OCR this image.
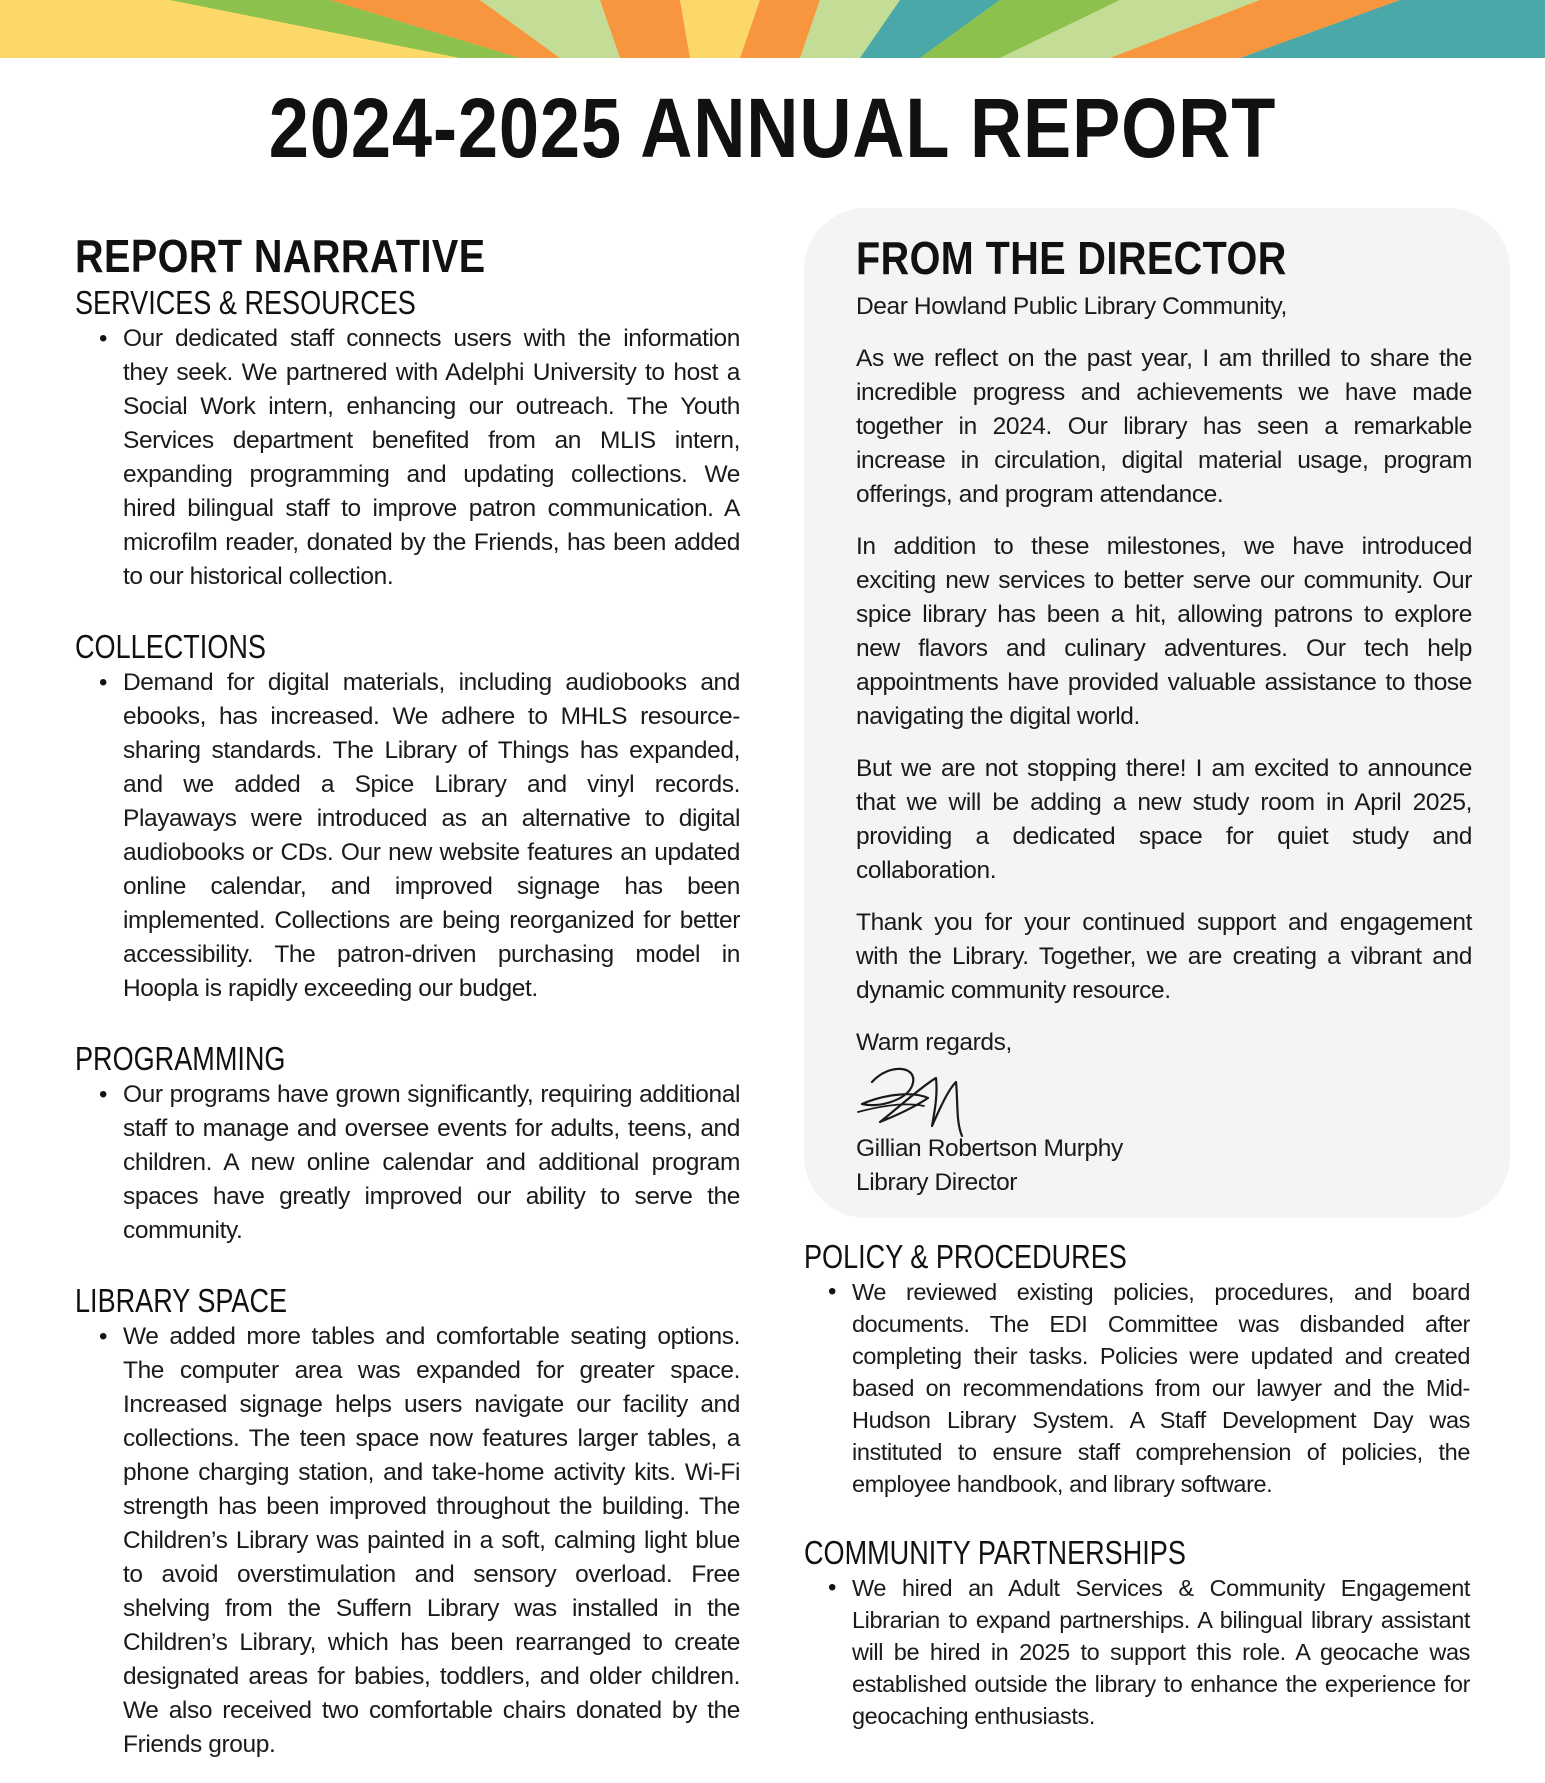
2024-2025 ANNUAL REPORT
REPORT NARRATIVE
SERVICES & RESOURCES
• Our dedicated staff connects users with the information they seek. We partnered with Adelphi University to host a Social Work intern, enhancing our outreach. The Youth Services department benefited from an MLIS intern, expanding programming and updating collections. We hired bilingual staff to improve patron communication. A microfilm reader, donated by the Friends, has been added to our historical collection.
COLLECTIONS
• Demand for digital materials, including audiobooks and ebooks, has increased. We adhere to MHLS resource-sharing standards. The Library of Things has expanded, and we added a Spice Library and vinyl records. Playaways were introduced as an alternative to digital audiobooks or CDs. Our new website features an updated online calendar, and improved signage has been implemented. Collections are being reorganized for better accessibility. The patron-driven purchasing model in Hoopla is rapidly exceeding our budget.
PROGRAMMING
• Our programs have grown significantly, requiring additional staff to manage and oversee events for adults, teens, and children. A new online calendar and additional program spaces have greatly improved our ability to serve the community.
LIBRARY SPACE
• We added more tables and comfortable seating options. The computer area was expanded for greater space. Increased signage helps users navigate our facility and collections. The teen space now features larger tables, a phone charging station, and take-home activity kits. Wi-Fi strength has been improved throughout the building. The Children’s Library was painted in a soft, calming light blue to avoid overstimulation and sensory overload. Free shelving from the Suffern Library was installed in the Children’s Library, which has been rearranged to create designated areas for babies, toddlers, and older children. We also received two comfortable chairs donated by the Friends group.
FROM THE DIRECTOR

Dear Howland Public Library Community,

As we reflect on the past year, I am thrilled to share the incredible progress and achievements we have made together in 2024. Our library has seen a remarkable increase in circulation, digital material usage, program offerings, and program attendance.

In addition to these milestones, we have introduced exciting new services to better serve our community. Our spice library has been a hit, allowing patrons to explore new flavors and culinary adventures. Our tech help appointments have provided valuable assistance to those navigating the digital world.

But we are not stopping there! I am excited to announce that we will be adding a new study room in April 2025, providing a dedicated space for quiet study and collaboration.

Thank you for your continued support and engagement with the Library. Together, we are creating a vibrant and dynamic community resource.

Warm regards,

Gillian Robertson Murphy

Library Director

POLICY & PROCEDURES
• We reviewed existing policies, procedures, and board documents. The EDI Committee was disbanded after completing their tasks. Policies were updated and created based on recommendations from our lawyer and the Mid-Hudson Library System. A Staff Development Day was instituted to ensure staff comprehension of policies, the employee handbook, and library software.
COMMUNITY PARTNERSHIPS
• We hired an Adult Services & Community Engagement Librarian to expand partnerships. A bilingual library assistant will be hired in 2025 to support this role. A geocache was established outside the library to enhance the experience for geocaching enthusiasts.
